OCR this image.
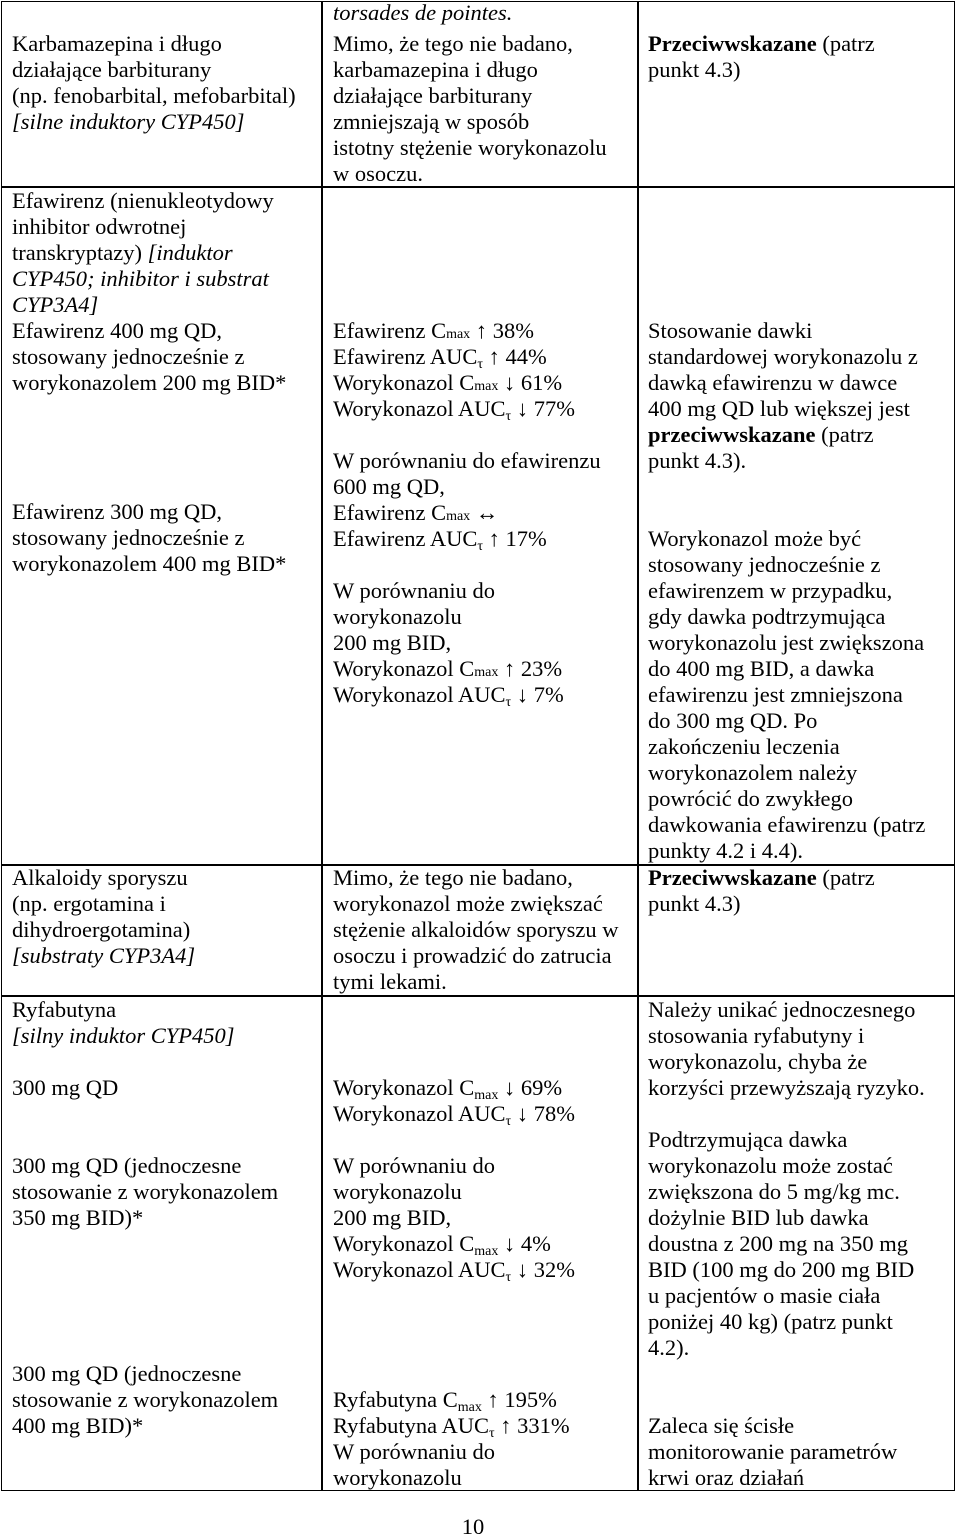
Karbamazepina i długo
działające barbiturany
(np. fenobarbital, mefobarbital)
[silne induktory CYP450]
torsades de pointes.
Mimo, że tego nie badano,
karbamazepina i długo
działające barbiturany
zmniejszają w sposób
istotny stężenie worykonazolu
w osoczu.
Przeciwwskazane (patrz
punkt 4.3)
Efawirenz (nienukleotydowy
inhibitor odwrotnej
transkryptazy) [induktor
CYP450; inhibitor i substrat
CYP3A4]
Efawirenz 400 mg QD,
stosowany jednocześnie z
worykonazolem 200 mg BID*
Efawirenz 300 mg QD,
stosowany jednocześnie z
worykonazolem 400 mg BID*
Efawirenz Cmax ↑ 38%
Efawirenz AUCτ ↑ 44%
Worykonazol Cmax ↓ 61%
Worykonazol AUCτ ↓ 77%
W porównaniu do efawirenzu
600 mg QD,
Efawirenz Cmax ↔
Efawirenz AUCτ ↑ 17%
W porównaniu do
worykonazolu
200 mg BID,
Worykonazol Cmax ↑ 23%
Worykonazol AUCτ ↓ 7%
Stosowanie dawki
standardowej worykonazolu z
dawką efawirenzu w dawce
400 mg QD lub większej jest
przeciwwskazane (patrz
punkt 4.3).
Worykonazol może być
stosowany jednocześnie z
efawirenzem w przypadku,
gdy dawka podtrzymująca
worykonazolu jest zwiększona
do 400 mg BID, a dawka
efawirenzu jest zmniejszona
do 300 mg QD. Po
zakończeniu leczenia
worykonazolem należy
powrócić do zwykłego
dawkowania efawirenzu (patrz
punkty 4.2 i 4.4).
Alkaloidy sporyszu
(np. ergotamina i
dihydroergotamina)
[substraty CYP3A4]
Mimo, że tego nie badano,
worykonazol może zwiększać
stężenie alkaloidów sporyszu w
osoczu i prowadzić do zatrucia
tymi lekami.
Przeciwwskazane (patrz
punkt 4.3)
Ryfabutyna
[silny induktor CYP450]
300 mg QD
300 mg QD (jednoczesne
stosowanie z worykonazolem
350 mg BID)*
300 mg QD (jednoczesne
stosowanie z worykonazolem
400 mg BID)*
Worykonazol Cmax ↓ 69%
Worykonazol AUCτ ↓ 78%
W porównaniu do
worykonazolu
200 mg BID,
Worykonazol Cmax ↓ 4%
Worykonazol AUCτ ↓ 32%
Ryfabutyna Cmax ↑ 195%
Ryfabutyna AUCτ ↑ 331%
W porównaniu do
worykonazolu
Należy unikać jednoczesnego
stosowania ryfabutyny i
worykonazolu, chyba że
korzyści przewyższają ryzyko.
Podtrzymująca dawka
worykonazolu może zostać
zwiększona do 5 mg/kg mc.
dożylnie BID lub dawka
doustna z 200 mg na 350 mg
BID (100 mg do 200 mg BID
u pacjentów o masie ciała
poniżej 40 kg) (patrz punkt
4.2).
Zaleca się ścisłe
monitorowanie parametrów
krwi oraz działań
10
